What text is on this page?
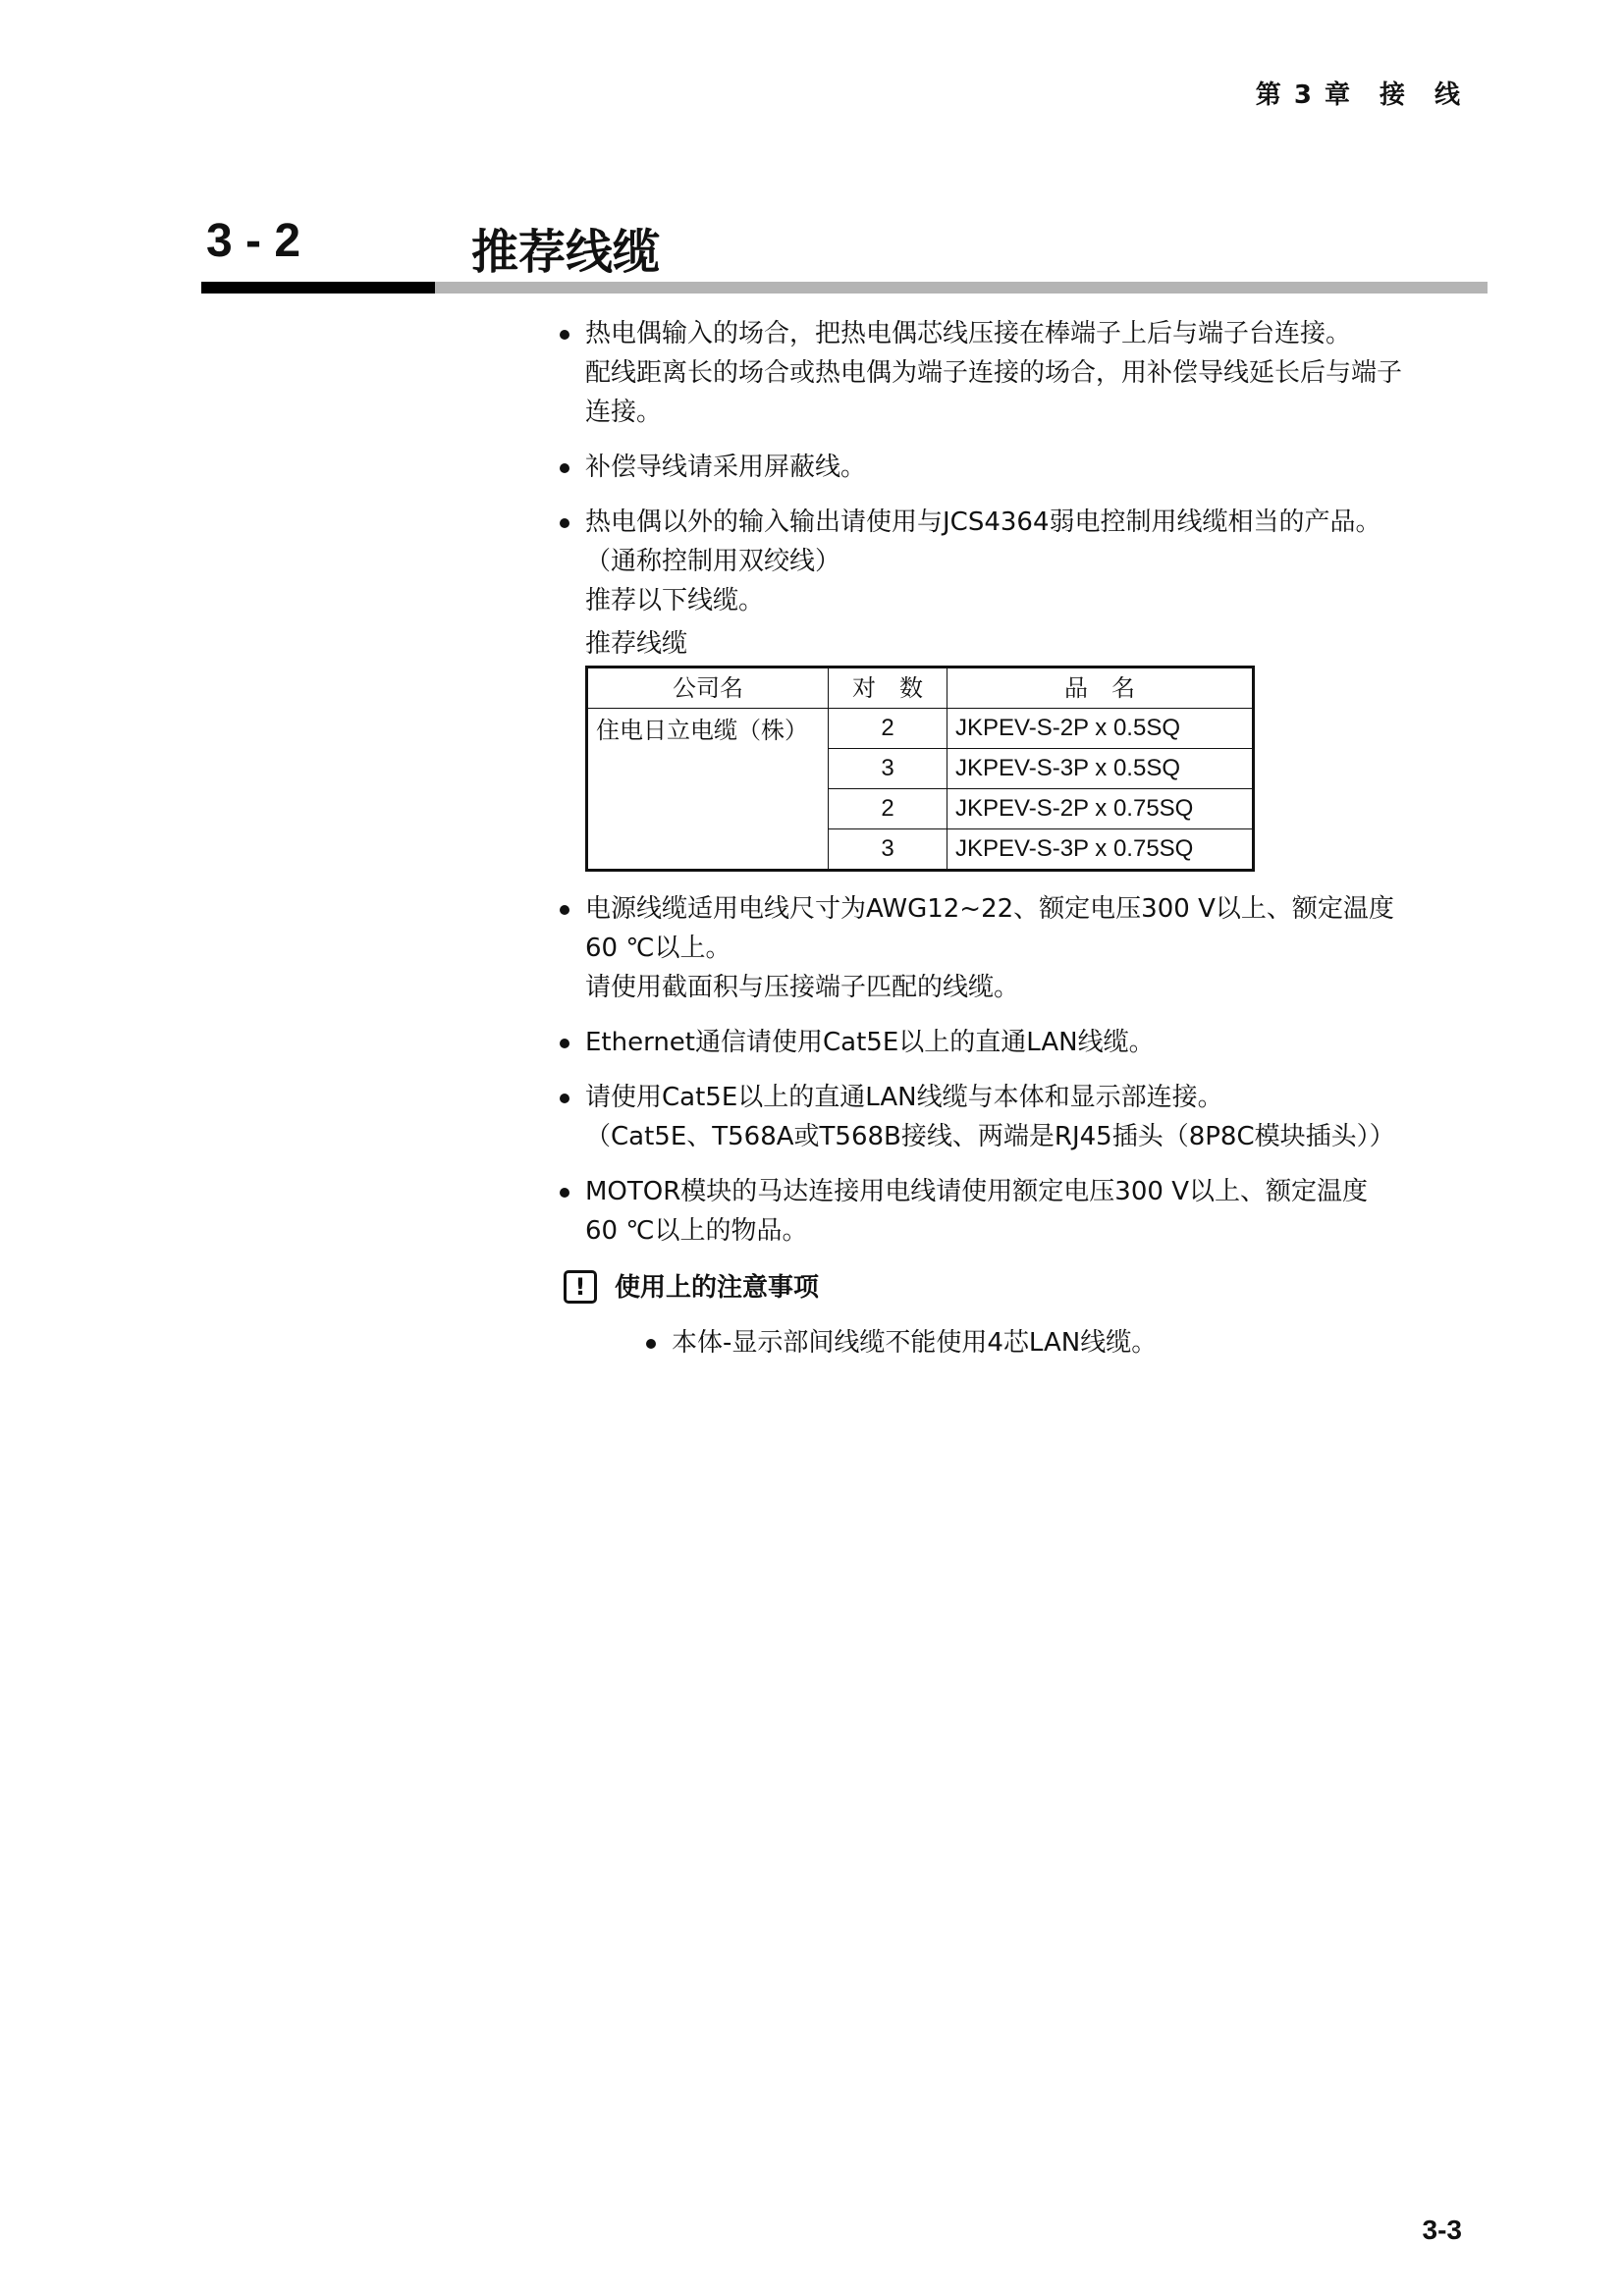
第 3 章　接　线
3 - 2	推荐线缆
热电偶输入的场合，把热电偶芯线压接在棒端子上后与端子台连接。
配线距离长的场合或热电偶为端子连接的场合，用补偿导线延长后与端子
连接。
补偿导线请采用屏蔽线。
热电偶以外的输入输出请使用与JCS4364弱电控制用线缆相当的产品。
（通称控制用双绞线）
推荐以下线缆。
推荐线缆
公司名	对　数	品　名
住电日立电缆（株）	2	JKPEV-S-2P x 0.5SQ
	3	JKPEV-S-3P x 0.5SQ
	2	JKPEV-S-2P x 0.75SQ
	3	JKPEV-S-3P x 0.75SQ
电源线缆适用电线尺寸为AWG12~22、额定电压300 V以上、额定温度
60 ℃以上。
请使用截面积与压接端子匹配的线缆。
Ethernet通信请使用Cat5E以上的直通LAN线缆。
请使用Cat5E以上的直通LAN线缆与本体和显示部连接。
（Cat5E、T568A或T568B接线、两端是RJ45插头（8P8C模块插头））
MOTOR模块的马达连接用电线请使用额定电压300 V以上、额定温度
60 ℃以上的物品。
!	使用上的注意事项
本体-显示部间线缆不能使用4芯LAN线缆。
3-3
